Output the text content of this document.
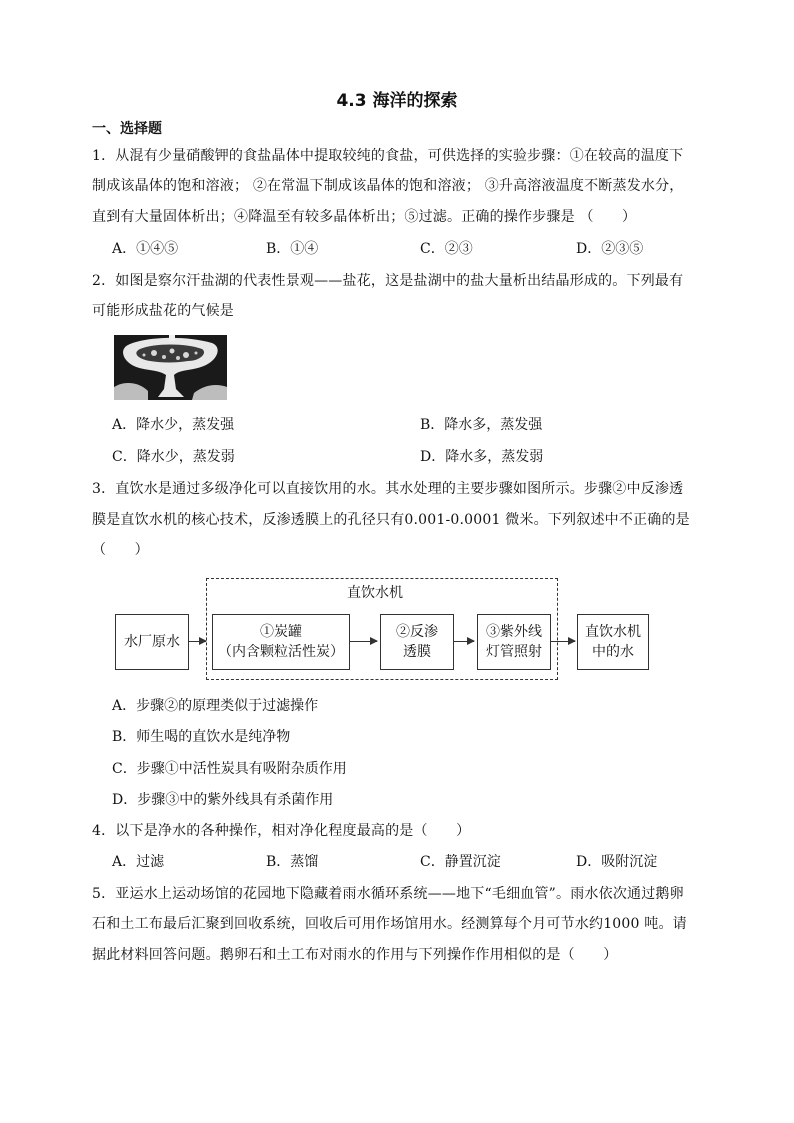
4.3 海洋的探索
一、选择题
1．从混有少量硝酸钾的食盐晶体中提取较纯的食盐，可供选择的实验步骤：①在较高的温度下
制成该晶体的饱和溶液； ②在常温下制成该晶体的饱和溶液； ③升高溶液温度不断蒸发水分，
直到有大量固体析出；④降温至有较多晶体析出；⑤过滤。正确的操作步骤是 （　　）
A．①④⑤	B．①④	C．②③	D．②③⑤
2．如图是察尔汗盐湖的代表性景观——盐花，这是盐湖中的盐大量析出结晶形成的。下列最有
可能形成盐花的气候是
A．降水少，蒸发强	B．降水多，蒸发强
C．降水少，蒸发弱	D．降水多，蒸发弱
3．直饮水是通过多级净化可以直接饮用的水。其水处理的主要步骤如图所示。步骤②中反渗透
膜是直饮水机的核心技术，反渗透膜上的孔径只有0.001-0.0001 微米。下列叙述中不正确的是
（　　）
直饮水机
水厂原水
①炭罐
（内含颗粒活性炭）
②反渗
透膜
③紫外线
灯管照射
直饮水机
中的水
A．步骤②的原理类似于过滤操作
B．师生喝的直饮水是纯净物
C．步骤①中活性炭具有吸附杂质作用
D．步骤③中的紫外线具有杀菌作用
4．以下是净水的各种操作，相对净化程度最高的是（　　）
A．过滤	B．蒸馏	C．静置沉淀	D．吸附沉淀
5．亚运水上运动场馆的花园地下隐藏着雨水循环系统——地下“毛细血管”。雨水依次通过鹅卵
石和土工布最后汇聚到回收系统，回收后可用作场馆用水。经测算每个月可节水约1000 吨。请
据此材料回答问题。鹅卵石和土工布对雨水的作用与下列操作作用相似的是（　　）
